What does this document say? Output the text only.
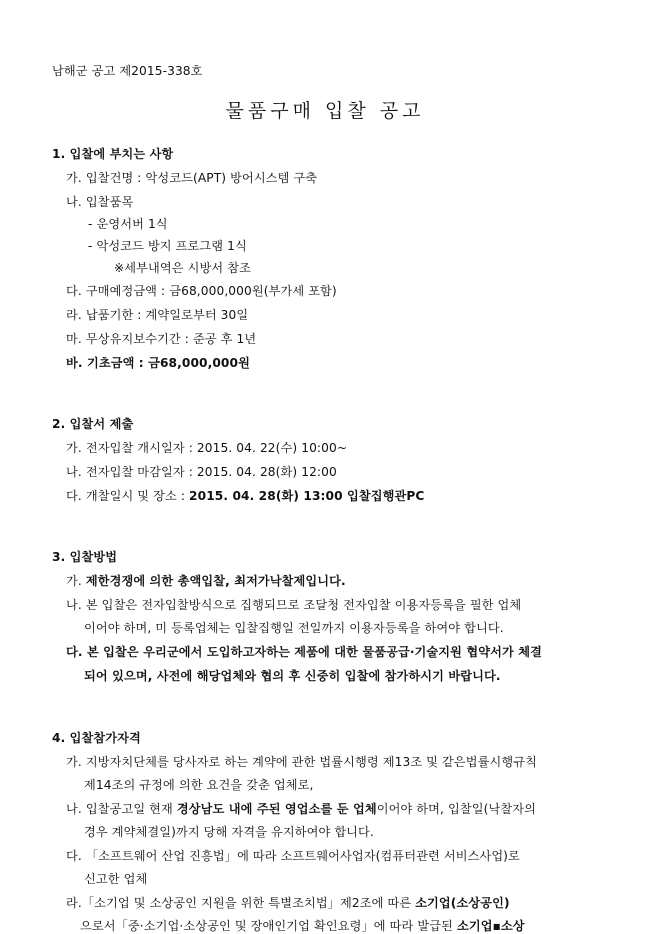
남해군 공고 제2015-338호
물품구매 입찰 공고
1. 입찰에 부치는 사항
가. 입찰건명 : 악성코드(APT) 방어시스템 구축
나. 입찰품목
- 운영서버 1식
- 악성코드 방지 프로그램 1식
※세부내역은 시방서 참조
다. 구매예정금액 : 금68,000,000원(부가세 포함)
라. 납품기한 : 계약일로부터 30일
마. 무상유지보수기간 : 준공 후 1년
바. 기초금액 : 금68,000,000원
2. 입찰서 제출
가. 전자입찰 개시일자 : 2015. 04. 22(수) 10:00~
나. 전자입찰 마감일자 : 2015. 04. 28(화) 12:00
다. 개찰일시 및 장소 : 2015. 04. 28(화) 13:00 입찰집행관PC
3. 입찰방법
가. 제한경쟁에 의한 총액입찰, 최저가낙찰제입니다.
나. 본 입찰은 전자입찰방식으로 집행되므로 조달청 전자입찰 이용자등록을 필한 업체
이어야 하며, 미 등록업체는 입찰집행일 전일까지 이용자등록을 하여야 합니다.
다. 본 입찰은 우리군에서 도입하고자하는 제품에 대한 물품공급·기술지원 협약서가 체결
되어 있으며, 사전에 해당업체와 협의 후 신중히 입찰에 참가하시기 바랍니다.
4. 입찰참가자격
가. 지방자치단체를 당사자로 하는 계약에 관한 법률시행령 제13조 및 같은법률시행규칙
제14조의 규정에 의한 요건을 갖춘 업체로,
나. 입찰공고일 현재 경상남도 내에 주된 영업소를 둔 업체이어야 하며, 입찰일(낙찰자의
경우 계약체결일)까지 당해 자격을 유지하여야 합니다.
다. 「소프트웨어 산업 진흥법」에 따라 소프트웨어사업자(컴퓨터관련 서비스사업)로
신고한 업체
라.「소기업 및 소상공인 지원을 위한 특별조치법」제2조에 따른 소기업(소상공인)
으로서「중·소기업·소상공인 및 장애인기업 확인요령」에 따라 발급된 소기업▪소상
